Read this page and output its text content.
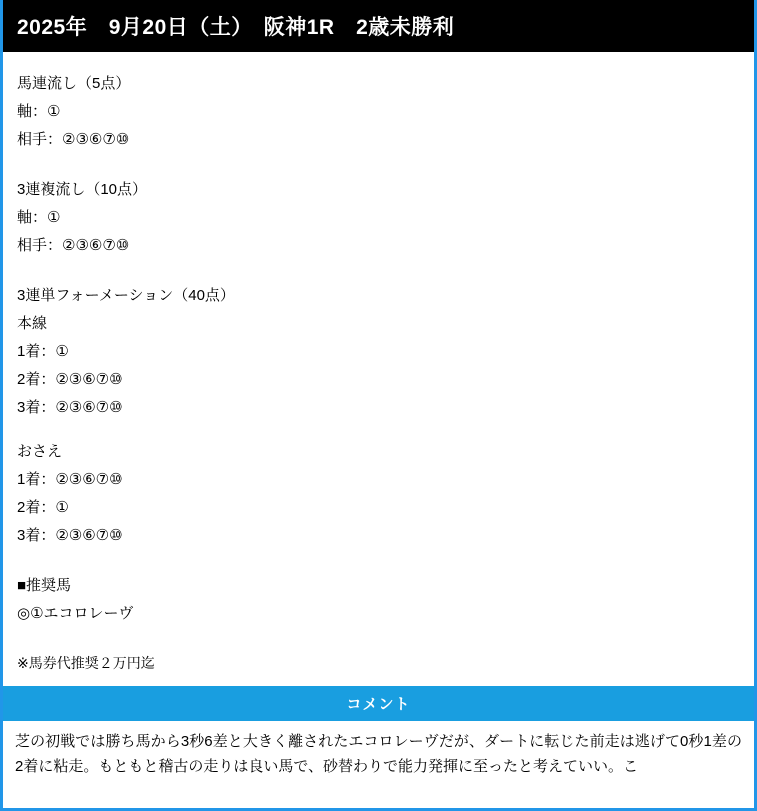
2025年　9月20日（土）　阪神1R　2歳未勝利
馬連流し（5点）
軸：①
相手：②③⑥⑦⑩
3連複流し（10点）
軸：①
相手：②③⑥⑦⑩
3連単フォーメーション（40点）
本線
1着：①
2着：②③⑥⑦⑩
3着：②③⑥⑦⑩
おさえ
1着：②③⑥⑦⑩
2着：①
3着：②③⑥⑦⑩
■推奨馬
◎①エコロレーヴ
※馬券代推奨２万円迄
コメント
芝の初戦では勝ち馬から3秒6差と大きく離されたエコロレーヴだが、ダートに転じた前走は逃げて0秒1差の2着に粘走。もともと稽古の走りは良い馬で、砂替わりで能力発揮に至ったと考えていい。こ
